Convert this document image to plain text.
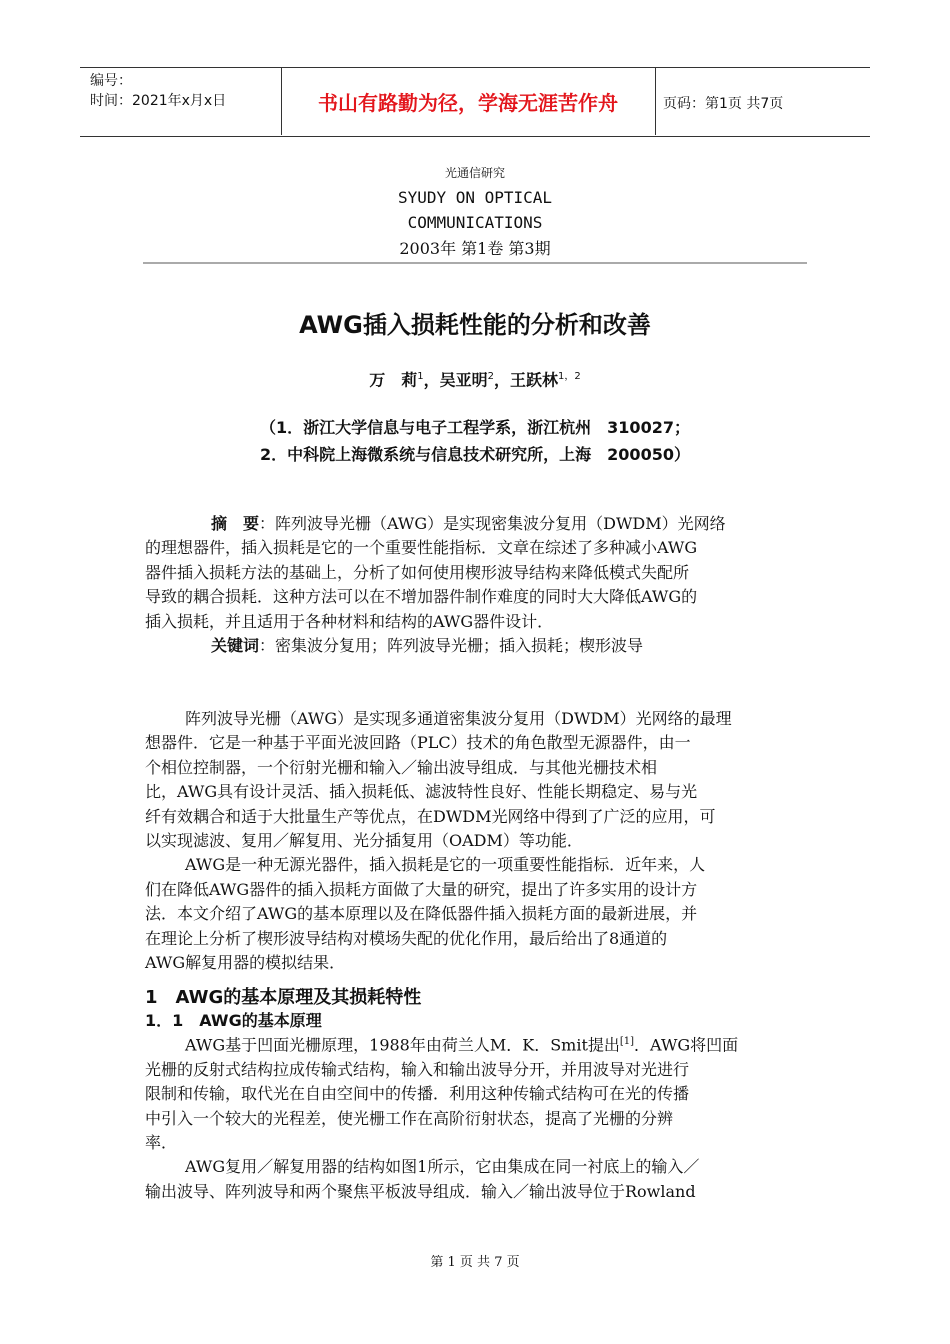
编号：
时间：2021年x月x日	书山有路勤为径，学海无涯苦作舟	页码：第1页 共7页
光通信研究
SYUDY ON OPTICAL
COMMUNICATIONS
2003年 第1卷 第3期
AWG插入损耗性能的分析和改善
万　莉$^1$，吴亚明$^2$，王跃林$^{1,2}$
（1．浙江大学信息与电子工程学系，浙江杭州　310027；
2．中科院上海微系统与信息技术研究所，上海　200050）
摘　要：阵列波导光栅（AWG）是实现密集波分复用（DWDM）光网络
的理想器件，插入损耗是它的一个重要性能指标．文章在综述了多种减小AWG
器件插入损耗方法的基础上，分析了如何使用楔形波导结构来降低模式失配所
导致的耦合损耗．这种方法可以在不增加器件制作难度的同时大大降低AWG的
插入损耗，并且适用于各种材料和结构的AWG器件设计．
关键词：密集波分复用；阵列波导光栅；插入损耗；楔形波导
阵列波导光栅（AWG）是实现多通道密集波分复用（DWDM）光网络的最理
想器件．它是一种基于平面光波回路（PLC）技术的角色散型无源器件，由一
个相位控制器，一个衍射光栅和输入／输出波导组成．与其他光栅技术相
比，AWG具有设计灵活、插入损耗低、滤波特性良好、性能长期稳定、易与光
纤有效耦合和适于大批量生产等优点，在DWDM光网络中得到了广泛的应用，可
以实现滤波、复用／解复用、光分插复用（OADM）等功能．
AWG是一种无源光器件，插入损耗是它的一项重要性能指标．近年来，人
们在降低AWG器件的插入损耗方面做了大量的研究，提出了许多实用的设计方
法．本文介绍了AWG的基本原理以及在降低器件插入损耗方面的最新进展，并
在理论上分析了楔形波导结构对模场失配的优化作用，最后给出了8通道的
AWG解复用器的模拟结果．
1　AWG的基本原理及其损耗特性
1．1　AWG的基本原理
AWG基于凹面光栅原理，1988年由荷兰人M．K．Smit提出[1]．AWG将凹面
光栅的反射式结构拉成传输式结构，输入和输出波导分开，并用波导对光进行
限制和传输，取代光在自由空间中的传播．利用这种传输式结构可在光的传播
中引入一个较大的光程差，使光栅工作在高阶衍射状态，提高了光栅的分辨
率．
AWG复用／解复用器的结构如图1所示，它由集成在同一衬底上的输入／
输出波导、阵列波导和两个聚焦平板波导组成．输入／输出波导位于Rowland
第 1 页 共 7 页
